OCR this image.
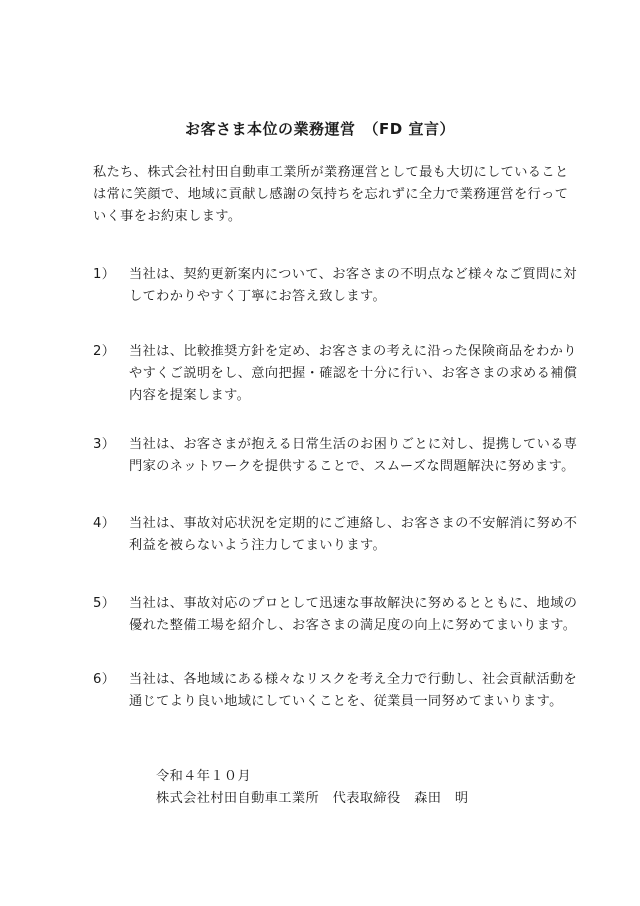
お客さま本位の業務運営　（FD 宣言）

私たち、株式会社村田自動車工業所が業務運営として最も大切にしていること
は常に笑顔で、地域に貢献し感謝の気持ちを忘れずに全力で業務運営を行って
いく事をお約束します。

1）	当社は、契約更新案内について、お客さまの不明点など様々なご質問に対
してわかりやすく丁寧にお答え致します。

2）	当社は、比較推奨方針を定め、お客さまの考えに沿った保険商品をわかり
やすくご説明をし、意向把握・確認を十分に行い、お客さまの求める補償
内容を提案します。

3）	当社は、お客さまが抱える日常生活のお困りごとに対し、提携している専
門家のネットワークを提供することで、スムーズな問題解決に努めます。

4）	当社は、事故対応状況を定期的にご連絡し、お客さまの不安解消に努め不
利益を被らないよう注力してまいります。

5）	当社は、事故対応のプロとして迅速な事故解決に努めるとともに、地域の
優れた整備工場を紹介し、お客さまの満足度の向上に努めてまいります。

6）	当社は、各地域にある様々なリスクを考え全力で行動し、社会貢献活動を
通じてより良い地域にしていくことを、従業員一同努めてまいります。

令和４年１０月
株式会社村田自動車工業所　代表取締役　森田　明
